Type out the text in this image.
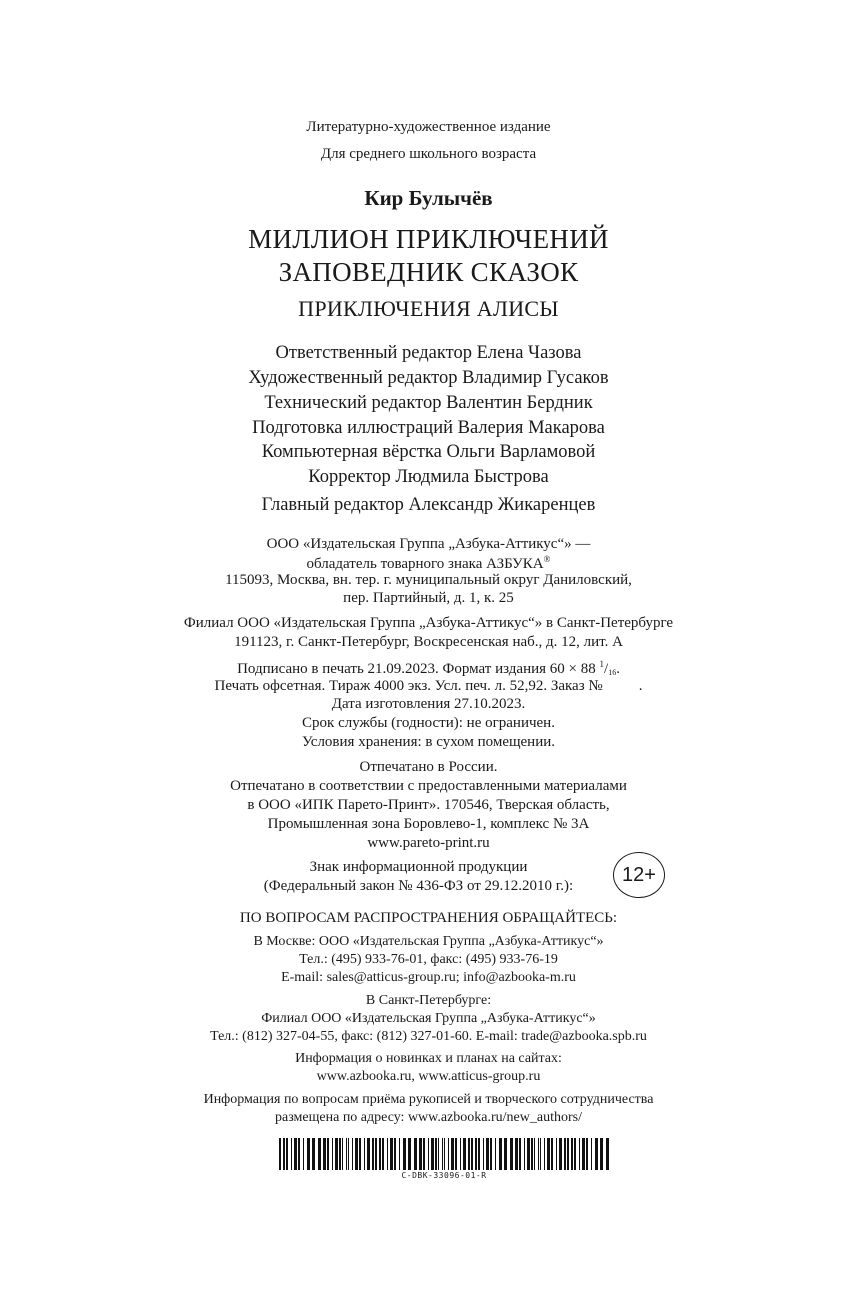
Литературно-художественное издание
Для среднего школьного возраста
Кир Булычёв
МИЛЛИОН ПРИКЛЮЧЕНИЙ
ЗАПОВЕДНИК СКАЗОК
ПРИКЛЮЧЕНИЯ АЛИСЫ
Ответственный редактор Елена Чазова
Художественный редактор Владимир Гусаков
Технический редактор Валентин Бердник
Подготовка иллюстраций Валерия Макарова
Компьютерная вёрстка Ольги Варламовой
Корректор Людмила Быстрова
Главный редактор Александр Жикаренцев
ООО «Издательская Группа „Азбука-Аттикус“» —
обладатель товарного знака АЗБУКА®
115093, Москва, вн. тер. г. муниципальный округ Даниловский,
пер. Партийный, д. 1, к. 25
Филиал ООО «Издательская Группа „Азбука-Аттикус“» в Санкт-Петербурге
191123, г. Санкт-Петербург, Воскресенская наб., д. 12, лит. А
Подписано в печать 21.09.2023. Формат издания 60 × 88 $^1/_{16}$.
Печать офсетная. Тираж 4000 экз. Усл. печ. л. 52,92. Заказ № .
Дата изготовления 27.10.2023.
Срок службы (годности): не ограничен.
Условия хранения: в сухом помещении.
Отпечатано в России.
Отпечатано в соответствии с предоставленными материалами
в ООО «ИПК Парето-Принт». 170546, Тверская область,
Промышленная зона Боровлево-1, комплекс № 3А
www.pareto-print.ru
Знак информационной продукции
(Федеральный закон № 436-ФЗ от 29.12.2010 г.):
12+
ПО ВОПРОСАМ РАСПРОСТРАНЕНИЯ ОБРАЩАЙТЕСЬ:
В Москве: ООО «Издательская Группа „Азбука-Аттикус“»
Тел.: (495) 933-76-01, факс: (495) 933-76-19
E-mail: sales@atticus-group.ru; info@azbooka-m.ru
В Санкт-Петербурге:
Филиал ООО «Издательская Группа „Азбука-Аттикус“»
Тел.: (812) 327-04-55, факс: (812) 327-01-60. E-mail: trade@azbooka.spb.ru
Информация о новинках и планах на сайтах:
www.azbooka.ru, www.atticus-group.ru
Информация по вопросам приёма рукописей и творческого сотрудничества
размещена по адресу: www.azbooka.ru/new_authors/
C-DBK-33096-01-R
